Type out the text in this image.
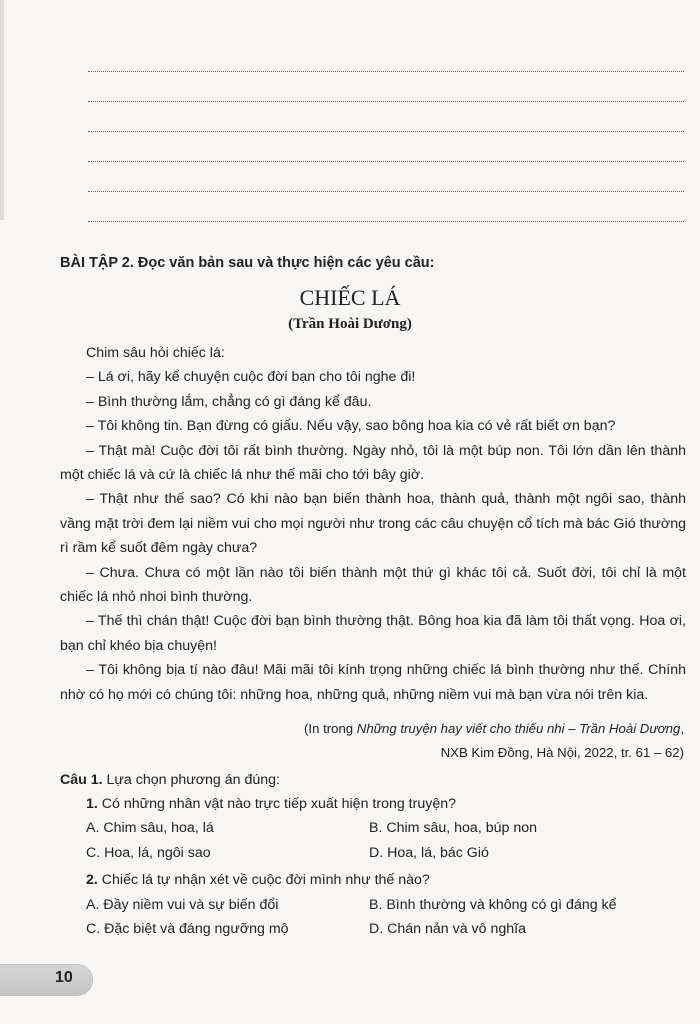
BÀI TẬP 2. Đọc văn bản sau và thực hiện các yêu cầu:
CHIẾC LÁ
(Trần Hoài Dương)

Chim sâu hỏi chiếc lá:

– Lá ơi, hãy kể chuyện cuộc đời bạn cho tôi nghe đi!

– Bình thường lắm, chẳng có gì đáng kể đâu.

– Tôi không tin. Bạn đừng có giấu. Nếu vậy, sao bông hoa kia có vẻ rất biết ơn bạn?

– Thật mà! Cuộc đời tôi rất bình thường. Ngày nhỏ, tôi là một búp non. Tôi lớn dần lên thành một chiếc lá và cứ là chiếc lá như thế mãi cho tới bây giờ.

– Thật như thế sao? Có khi nào bạn biến thành hoa, thành quả, thành một ngôi sao, thành vầng mặt trời đem lại niềm vui cho mọi người như trong các câu chuyện cổ tích mà bác Gió thường rì rầm kể suốt đêm ngày chưa?

– Chưa. Chưa có một lần nào tôi biến thành một thứ gì khác tôi cả. Suốt đời, tôi chỉ là một chiếc lá nhỏ nhoi bình thường.

– Thế thì chán thật! Cuộc đời bạn bình thường thật. Bông hoa kia đã làm tôi thất vọng. Hoa ơi, bạn chỉ khéo bịa chuyện!

– Tôi không bịa tí nào đâu! Mãi mãi tôi kính trọng những chiếc lá bình thường như thế. Chính nhờ có họ mới có chúng tôi: những hoa, những quả, những niềm vui mà bạn vừa nói trên kia.

(In trong Những truyện hay viết cho thiếu nhi – Trần Hoài Dương,
NXB Kim Đồng, Hà Nội, 2022, tr. 61 – 62)
Câu 1. Lựa chọn phương án đúng:
1. Có những nhân vật nào trực tiếp xuất hiện trong truyện?
A. Chim sâu, hoa, lá	B. Chim sâu, hoa, búp non
C. Hoa, lá, ngôi sao	D. Hoa, lá, bác Gió
2. Chiếc lá tự nhận xét về cuộc đời mình như thế nào?
A. Đầy niềm vui và sự biến đổi	B. Bình thường và không có gì đáng kể
C. Đặc biệt và đáng ngưỡng mộ	D. Chán nản và vô nghĩa
10
